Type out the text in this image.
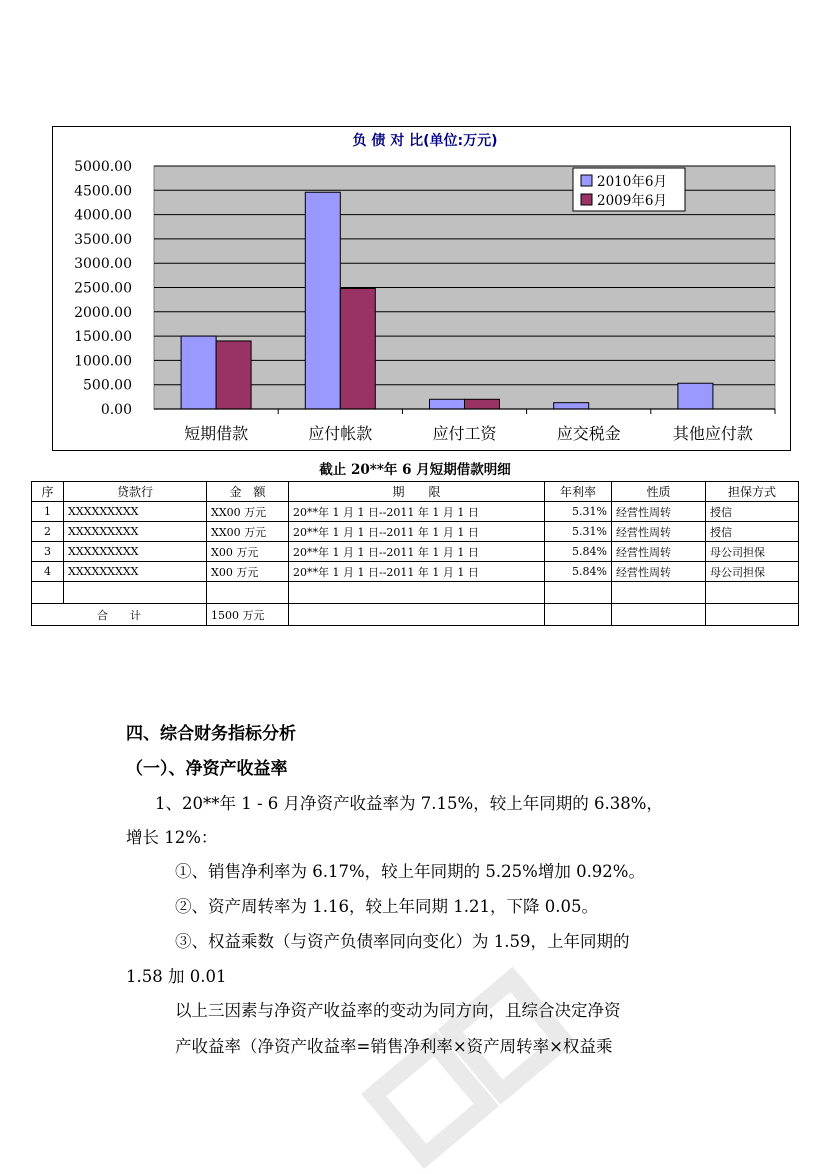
0.00
500.00
1000.00
1500.00
2000.00
2500.00
3000.00
3500.00
4000.00
4500.00
5000.00
短期借款	应付帐款	应付工资	应交税金	其他应付款
负 债 对 比(单位:万元)
2010年6月
2009年6月
截止 20**年 6 月短期借款明细
序	贷款行	金　额	期　　限	年利率	性质	担保方式
1	XXXXXXXXX	XX00 万元	20**年 1 月 1 日--2011 年 1 月 1 日	5.31%	经营性周转	授信
2	XXXXXXXXX	XX00 万元	20**年 1 月 1 日--2011 年 1 月 1 日	5.31%	经营性周转	授信
3	XXXXXXXXX	X00 万元	20**年 1 月 1 日--2011 年 1 月 1 日	5.84%	经营性周转	母公司担保
4	XXXXXXXXX	X00 万元	20**年 1 月 1 日--2011 年 1 月 1 日	5.84%	经营性周转	母公司担保

合　　计		1500 万元				
四、综合财务指标分析
（一）、净资产收益率
1、20**年 1 - 6 月净资产收益率为 7.15%，较上年同期的 6.38%，
增长 12%：
①、销售净利率为 6.17%，较上年同期的 5.25%增加 0.92%。
②、资产周转率为 1.16，较上年同期 1.21，下降 0.05。
③、权益乘数（与资产负债率同向变化）为 1.59，上年同期的
1.58 加 0.01
以上三因素与净资产收益率的变动为同方向，且综合决定净资
产收益率（净资产收益率=销售净利率×资产周转率×权益乘
